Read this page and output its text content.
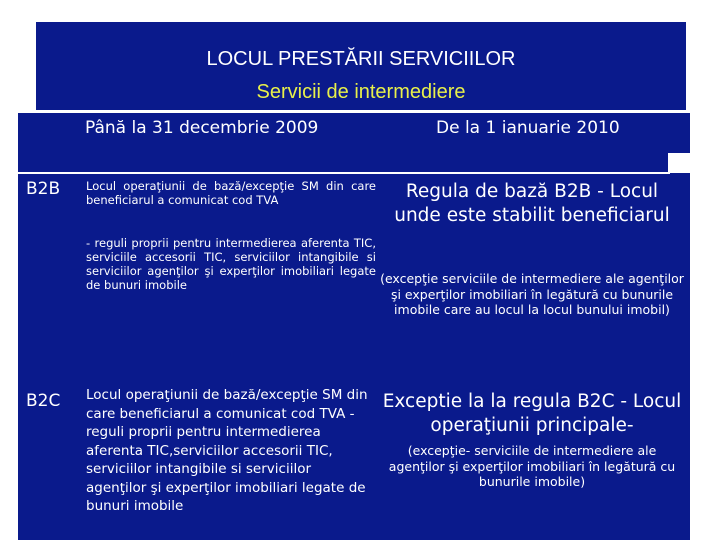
LOCUL PRESTĂRII SERVICIILOR
Servicii de intermediere
Până la 31 decembrie 2009	De la 1 ianuarie 2010
B2B Locul operaţiunii de bază/excepţie SM din care beneficiarul a comunicat cod TVA
- reguli proprii pentru intermedierea aferenta TIC, serviciile accesorii TIC, serviciilor intangibile si serviciilor agenţilor şi experţilor imobiliari legate de bunuri imobile
Regula de bază B2B - Locul unde este stabilit beneficiarul
(excepţie serviciile de intermediere ale agenţilor şi experţilor imobiliari în legătură cu bunurile imobile care au locul la locul bunului imobil)
B2C Locul operaţiunii de bază/excepţie SM din care beneficiarul a comunicat cod TVA -reguli proprii pentru intermedierea aferenta TIC,serviciilor accesorii TIC, serviciilor intangibile si serviciilor agenţilor şi experţilor imobiliari legate de bunuri imobile
Exceptie la la regula B2C - Locul operaţiunii principale-
(excepţie- serviciile de intermediere ale agenţilor şi experţilor imobiliari în legătură cu bunurile imobile)
